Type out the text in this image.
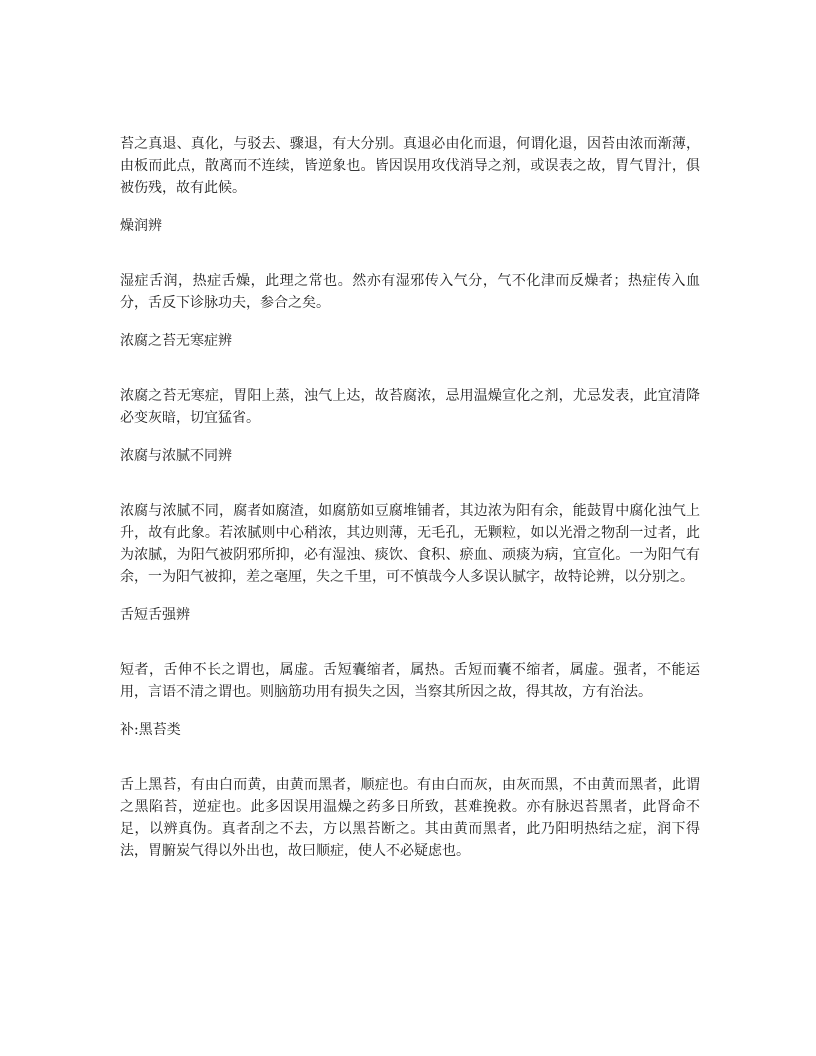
苔之真退、真化，与驳去、骤退，有大分别。真退必由化而退，何谓化退，因苔由浓而渐薄，由板而此点，散离而不连续，皆逆象也。皆因误用攻伐消导之剂，或误表之故，胃气胃汁，俱被伤残，故有此候。

燥润辨

湿症舌润，热症舌燥，此理之常也。然亦有湿邪传入气分，气不化津而反燥者；热症传入血分，舌反下诊脉功夫，参合之矣。

浓腐之苔无寒症辨

浓腐之苔无寒症，胃阳上蒸，浊气上达，故苔腐浓，忌用温燥宣化之剂，尤忌发表，此宜清降必变灰暗，切宜猛省。

浓腐与浓腻不同辨

浓腐与浓腻不同，腐者如腐渣，如腐筋如豆腐堆铺者，其边浓为阳有余，能鼓胃中腐化浊气上升，故有此象。若浓腻则中心稍浓，其边则薄，无毛孔，无颗粒，如以光滑之物刮一过者，此为浓腻，为阳气被阴邪所抑，必有湿浊、痰饮、食积、瘀血、顽痰为病，宜宣化。一为阳气有余，一为阳气被抑，差之毫厘，失之千里，可不慎哉今人多误认腻字，故特论辨，以分别之。

舌短舌强辨

短者，舌伸不长之谓也，属虚。舌短囊缩者，属热。舌短而囊不缩者，属虚。强者，不能运用，言语不清之谓也。则脑筋功用有损失之因，当察其所因之故，得其故，方有治法。

补:黑苔类

舌上黑苔，有由白而黄，由黄而黑者，顺症也。有由白而灰，由灰而黑，不由黄而黑者，此谓之黑陷苔，逆症也。此多因误用温燥之药多日所致，甚难挽救。亦有脉迟苔黑者，此肾命不足，以辨真伪。真者刮之不去，方以黑苔断之。其由黄而黑者，此乃阳明热结之症，润下得法，胃腑炭气得以外出也，故曰顺症，使人不必疑虑也。
